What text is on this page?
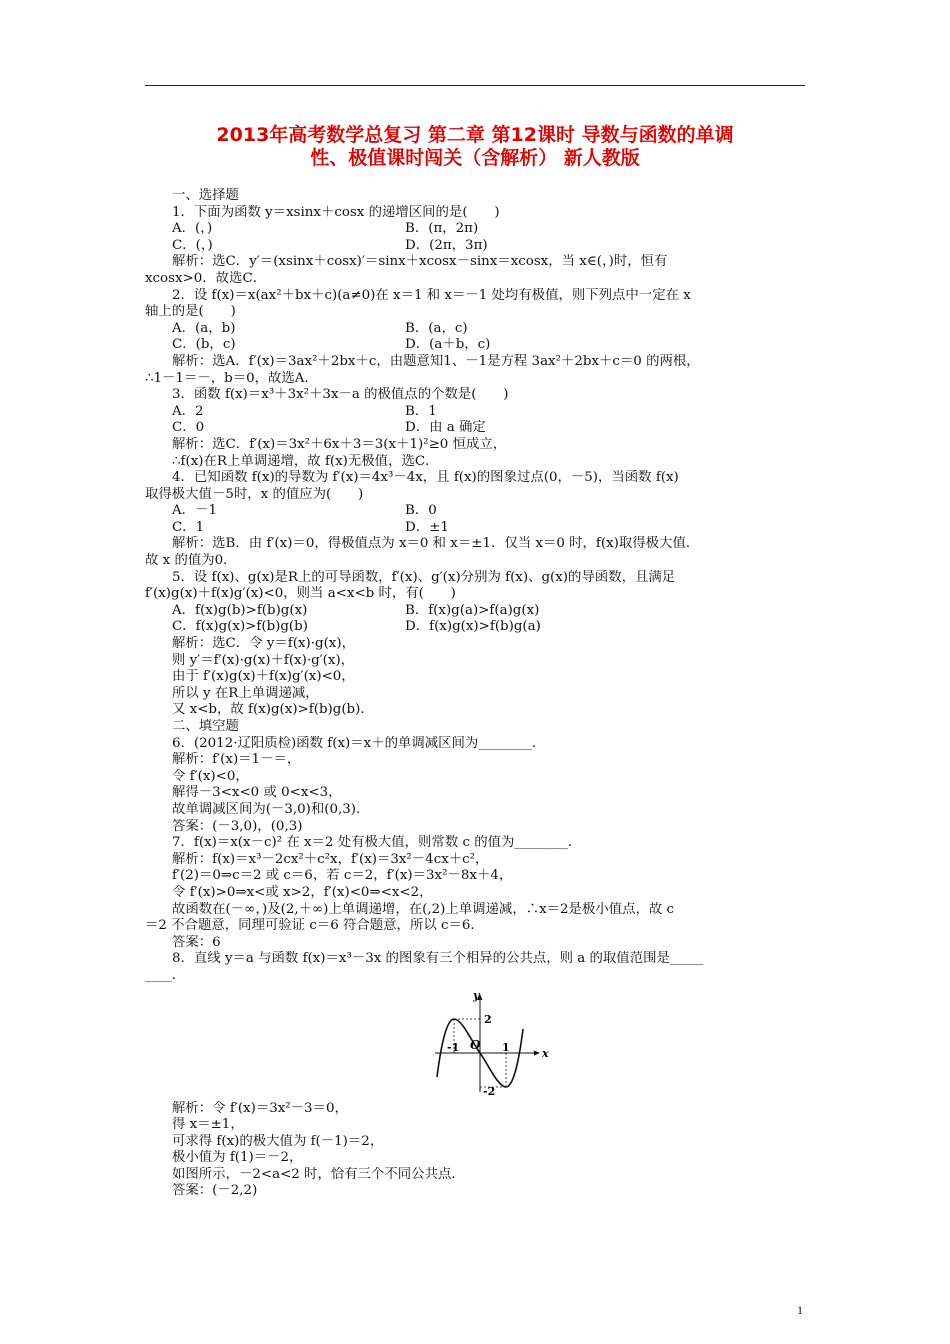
2013年高考数学总复习 第二章 第12课时 导数与函数的单调
性、极值课时闯关（含解析） 新人教版
一、选择题
1．下面为函数 y＝xsinx＋cosx 的递增区间的是(　　)
A．(，)	B．(π，2π)
C．(，)	D．(2π，3π)
解析：选C．y′＝(xsinx＋cosx)′＝sinx＋xcosx－sinx＝xcosx，当 x∈(，)时，恒有
xcosx>0．故选C．
2．设 f(x)＝x(ax²＋bx＋c)(a≠0)在 x＝1 和 x＝－1 处均有极值，则下列点中一定在 x
轴上的是(　　)
A．(a，b)	B．(a，c)
C．(b，c)	D．(a＋b，c)
解析：选A．f′(x)＝3ax²＋2bx＋c，由题意知1、－1是方程 3ax²＋2bx＋c＝0 的两根，
∴1－1＝－，b＝0，故选A．
3．函数 f(x)＝x³＋3x²＋3x－a 的极值点的个数是(　　)
A．2	B．1
C．0	D．由 a 确定
解析：选C．f′(x)＝3x²＋6x＋3＝3(x＋1)²≥0 恒成立，
∴f(x)在R上单调递增，故 f(x)无极值，选C．
4．已知函数 f(x)的导数为 f′(x)＝4x³－4x，且 f(x)的图象过点(0，－5)，当函数 f(x)
取得极大值－5时，x 的值应为(　　)
A．－1	B．0
C．1	D．±1
解析：选B．由 f′(x)＝0，得极值点为 x＝0 和 x＝±1．仅当 x＝0 时，f(x)取得极大值．
故 x 的值为0．
5．设 f(x)、g(x)是R上的可导函数，f′(x)、g′(x)分别为 f(x)、g(x)的导函数，且满足
f′(x)g(x)＋f(x)g′(x)<0，则当 a<x<b 时，有(　　)
A．f(x)g(b)>f(b)g(x)	B．f(x)g(a)>f(a)g(x)
C．f(x)g(x)>f(b)g(b)	D．f(x)g(x)>f(b)g(a)
解析：选C．令 y＝f(x)·g(x)，
则 y′＝f′(x)·g(x)＋f(x)·g′(x)，
由于 f′(x)g(x)＋f(x)g′(x)<0，
所以 y 在R上单调递减，
又 x<b，故 f(x)g(x)>f(b)g(b)．
二、填空题
6．(2012·辽阳质检)函数 f(x)＝x＋的单调减区间为________．
解析：f′(x)＝1－＝，
令 f′(x)<0，
解得－3<x<0 或 0<x<3，
故单调减区间为(－3,0)和(0,3)．
答案：(－3,0)，(0,3)
7．f(x)＝x(x－c)² 在 x＝2 处有极大值，则常数 c 的值为________．
解析：f(x)＝x³－2cx²＋c²x，f′(x)＝3x²－4cx＋c²，
f′(2)＝0⇒c＝2 或 c＝6，若 c＝2，f′(x)＝3x²－8x＋4，
令 f′(x)>0⇒x<或 x>2，f′(x)<0⇒<x<2，
故函数在(－∞，)及(2,＋∞)上单调递增，在(,2)上单调递减，∴x＝2是极小值点，故 c
＝2 不合题意，同理可验证 c＝6 符合题意，所以 c＝6．
答案：6
8．直线 y＝a 与函数 f(x)＝x³－3x 的图象有三个相异的公共点，则 a 的取值范围是_____
____．
y
x
O
-1	1
2
-2
解析：令 f′(x)＝3x²－3＝0，
得 x＝±1，
可求得 f(x)的极大值为 f(－1)＝2，
极小值为 f(1)＝－2，
如图所示，－2<a<2 时，恰有三个不同公共点．
答案：(－2,2)
1
